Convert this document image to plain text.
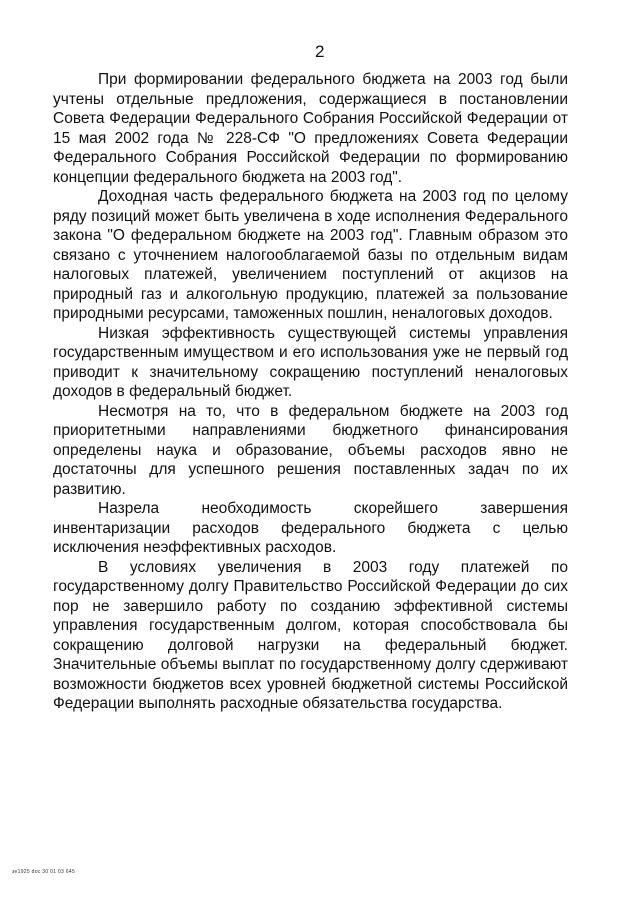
2

При формировании федерального бюджета на 2003 год были учтены отдельные предложения, содержащиеся в постановлении Совета Федерации Федерального Собрания Российской Федерации от 15 мая 2002 года № 228-СФ "О предложениях Совета Федерации Федерального Собрания Российской Федерации по формированию концепции федерального бюджета на 2003 год".

Доходная часть федерального бюджета на 2003 год по целому ряду позиций может быть увеличена в ходе исполнения Федерального закона "О федеральном бюджете на 2003 год". Главным образом это связано с уточнением налогооблагаемой базы по отдельным видам налоговых платежей, увеличением поступлений от акцизов на природный газ и алкогольную продукцию, платежей за пользование природными ресурсами, таможенных пошлин, неналоговых доходов.

Низкая эффективность существующей системы управления государственным имуществом и его использования уже не первый год приводит к значительному сокращению поступлений неналоговых доходов в федеральный бюджет.

Несмотря на то, что в федеральном бюджете на 2003 год приоритетными направлениями бюджетного финансирования определены наука и образование, объемы расходов явно не достаточны для успешного решения поставленных задач по их развитию.

Назрела необходимость скорейшего завершения инвентаризации расходов федерального бюджета с целью исключения неэффективных расходов.

В условиях увеличения в 2003 году платежей по государственному долгу Правительство Российской Федерации до сих пор не завершило работу по созданию эффективной системы управления государственным долгом, которая способствовала бы сокращению долговой нагрузки на федеральный бюджет. Значительные объемы выплат по государственному долгу сдерживают возможности бюджетов всех уровней бюджетной системы Российской Федерации выполнять расходные обязательства государства.

зе1925 doc 30 01 03 645
